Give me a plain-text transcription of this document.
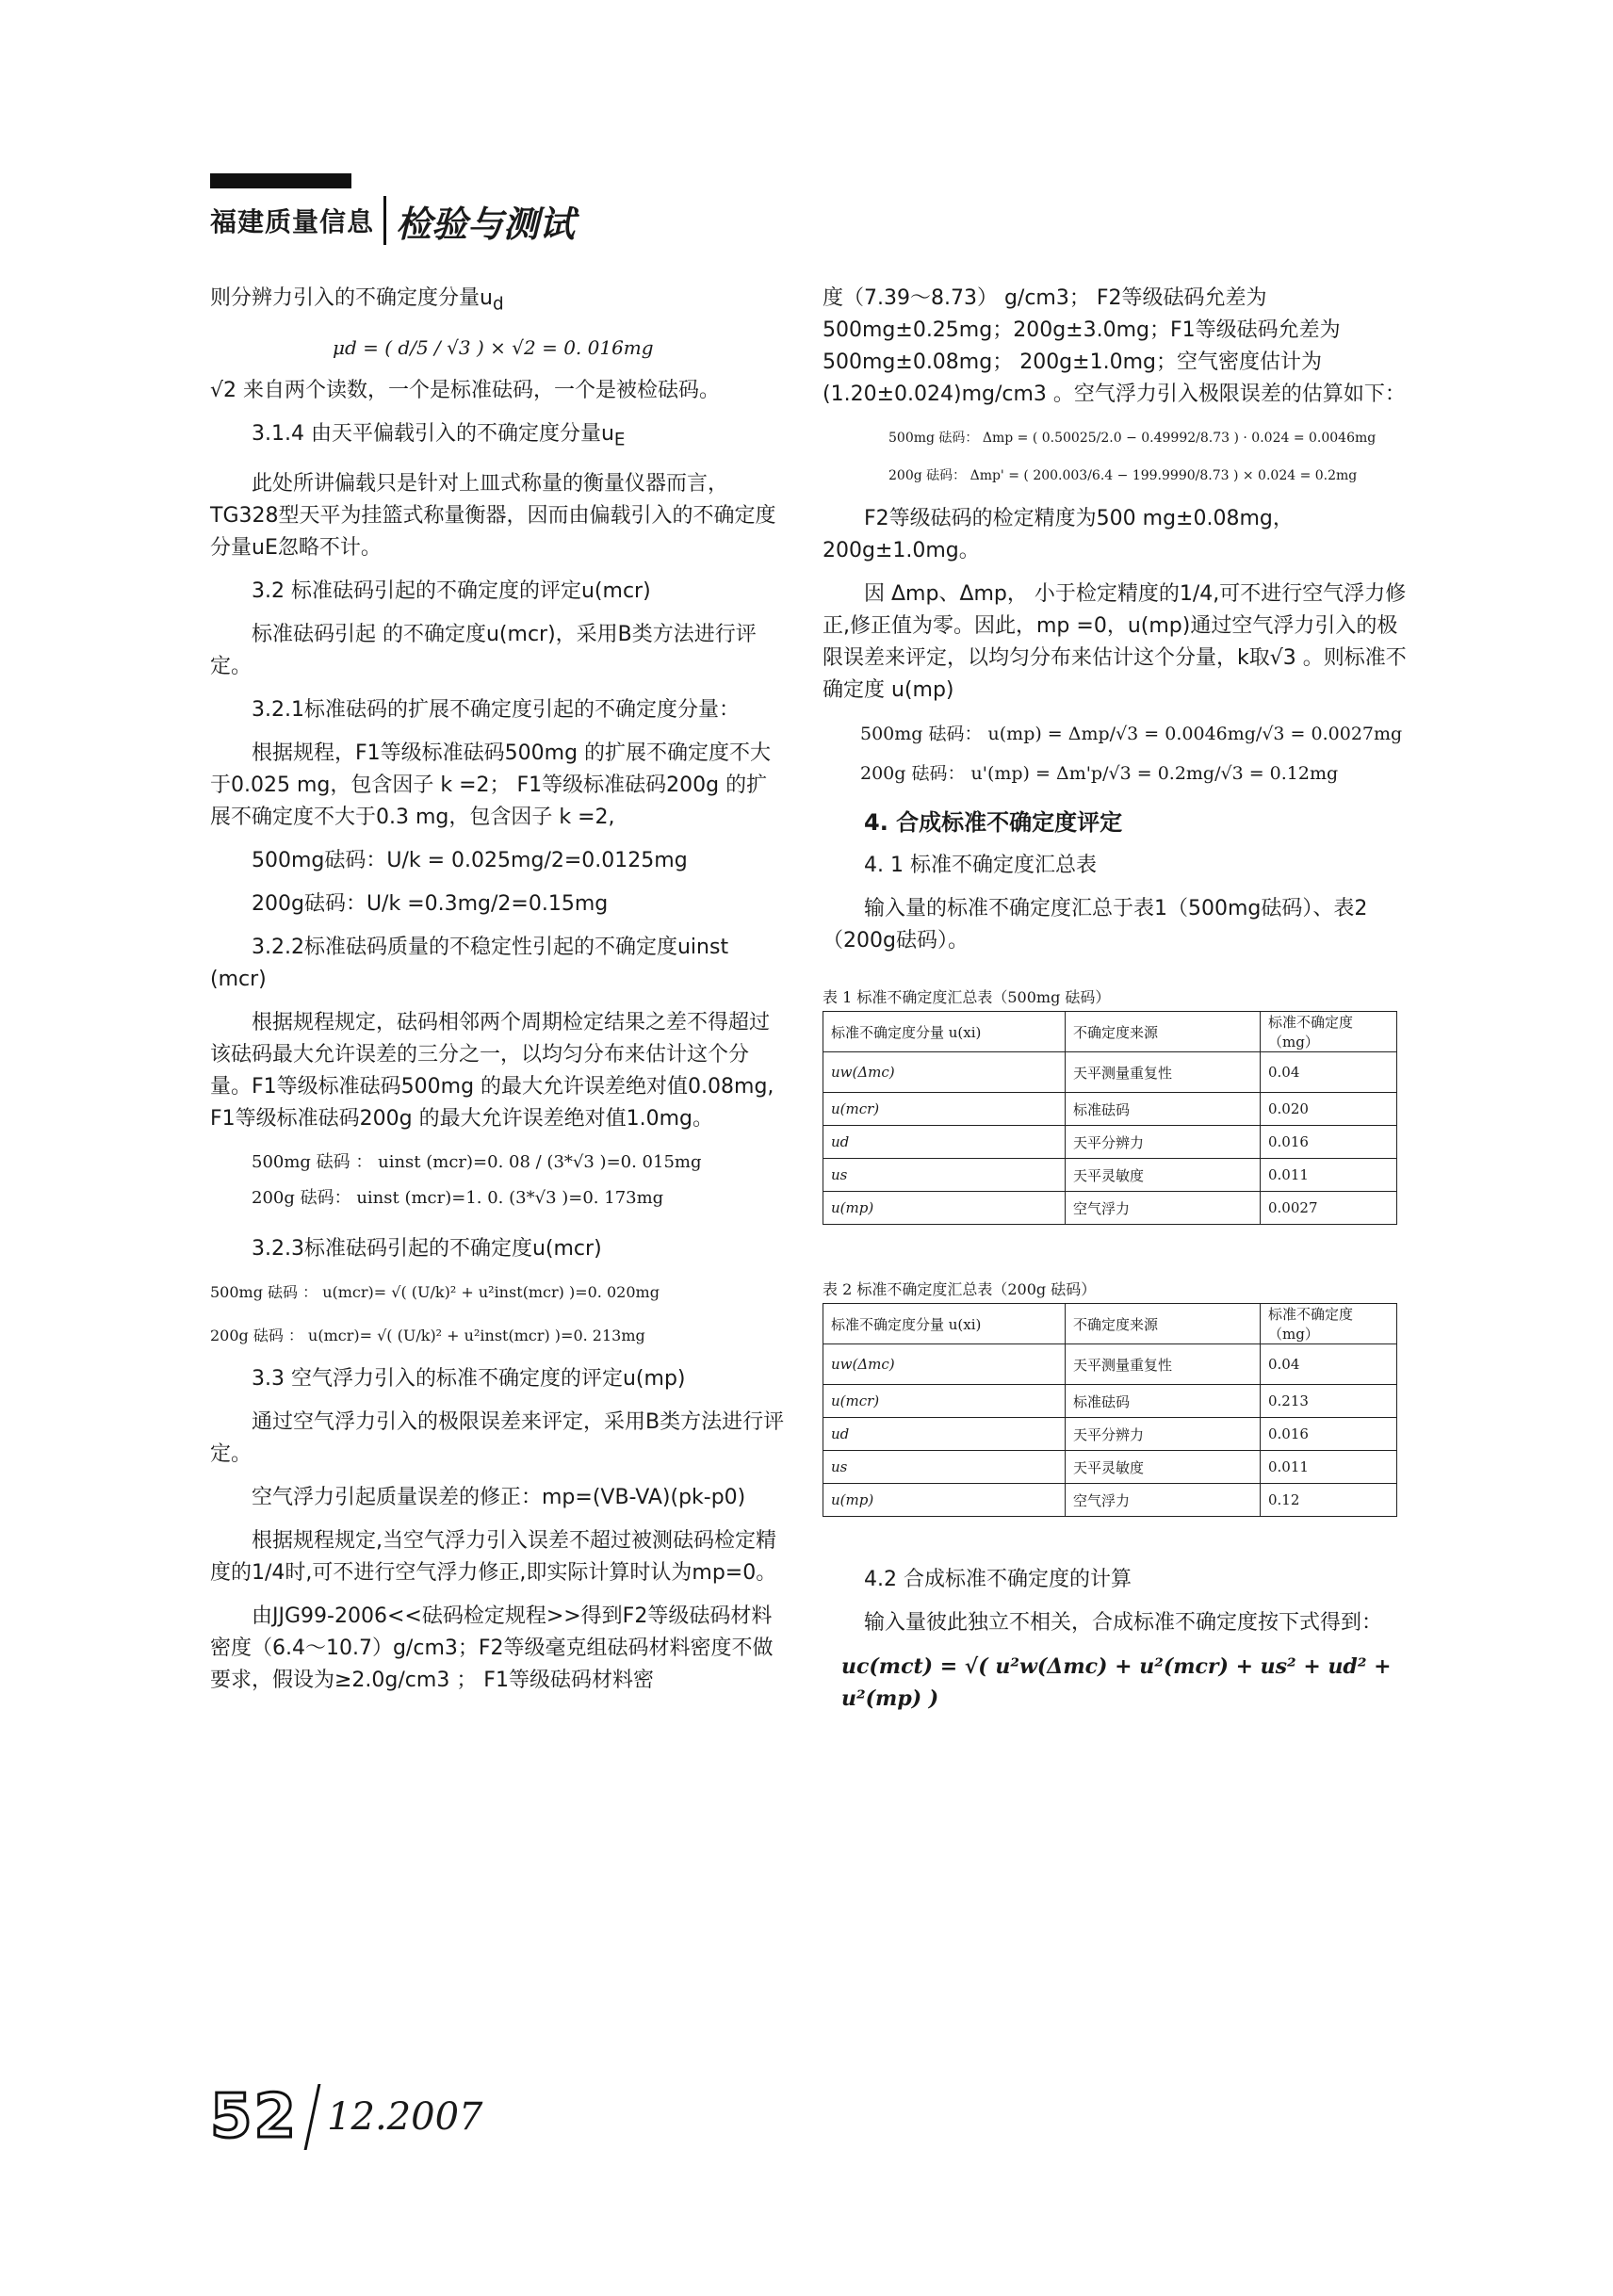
福建质量信息 检验与测试

则分辨力引入的不确定度分量$u_d$

μd = ( d/5 / √3 ) × √2 = 0. 016mg

√2 来自两个读数，一个是标准砝码，一个是被检砝码。

3.1.4 由天平偏载引入的不确定度分量$u_E$

此处所讲偏载只是针对上皿式称量的衡量仪器而言，TG328型天平为挂篮式称量衡器，因而由偏载引入的不确定度分量uE忽略不计。

3.2 标准砝码引起的不确定度的评定u(mcr)

标准砝码引起 的不确定度u(mcr)，采用B类方法进行评定。

3.2.1标准砝码的扩展不确定度引起的不确定度分量：

根据规程，F1等级标准砝码500mg 的扩展不确定度不大于0.025 mg，包含因子 k =2； F1等级标准砝码200g 的扩展不确定度不大于0.3 mg，包含因子 k =2,

500mg砝码：U/k = 0.025mg/2=0.0125mg

200g砝码：U/k =0.3mg/2=0.15mg

3.2.2标准砝码质量的不稳定性引起的不确定度uinst (mcr)

根据规程规定，砝码相邻两个周期检定结果之差不得超过该砝码最大允许误差的三分之一，以均匀分布来估计这个分量。F1等级标准砝码500mg 的最大允许误差绝对值0.08mg, F1等级标准砝码200g 的最大允许误差绝对值1.0mg。

500mg 砝码 ： uinst (mcr)=0. 08 / (3*√3 )=0. 015mg

200g 砝码： uinst (mcr)=1. 0. (3*√3 )=0. 173mg

3.2.3标准砝码引起的不确定度u(mcr)

500mg 砝码 ： u(mcr)= √( (U/k)² + u²inst(mcr) )=0. 020mg

200g 砝码 ： u(mcr)= √( (U/k)² + u²inst(mcr) )=0. 213mg

3.3 空气浮力引入的标准不确定度的评定u(mp)

通过空气浮力引入的极限误差来评定，采用B类方法进行评定。

空气浮力引起质量误差的修正：mp=(VB-VA)(pk-p0)

根据规程规定,当空气浮力引入误差不超过被测砝码检定精度的1/4时,可不进行空气浮力修正,即实际计算时认为mp=0。

由JJG99-2006<<砝码检定规程>>得到F2等级砝码材料密度（6.4～10.7）g/cm3；F2等级毫克组砝码材料密度不做要求，假设为≥2.0g/cm3 ； F1等级砝码材料密

度（7.39～8.73） g/cm3； F2等级砝码允差为500mg±0.25mg；200g±3.0mg；F1等级砝码允差为500mg±0.08mg； 200g±1.0mg；空气密度估计为(1.20±0.024)mg/cm3 。空气浮力引入极限误差的估算如下：

500mg 砝码： Δmp = ( 0.50025/2.0 − 0.49992/8.73 ) · 0.024 = 0.0046mg

200g 砝码： Δmp' = ( 200.003/6.4 − 199.9990/8.73 ) × 0.024 = 0.2mg

F2等级砝码的检定精度为500 mg±0.08mg，200g±1.0mg。

因 Δmp、Δmp， 小于检定精度的1/4,可不进行空气浮力修正,修正值为零。因此，mp =0，u(mp)通过空气浮力引入的极限误差来评定，以均匀分布来估计这个分量，k取√3 。则标准不确定度 u(mp)

500mg 砝码： u(mp) = Δmp/√3 = 0.0046mg/√3 = 0.0027mg

200g 砝码： u'(mp) = Δm'p/√3 = 0.2mg/√3 = 0.12mg

4. 合成标准不确定度评定

4. 1 标准不确定度汇总表

输入量的标准不确定度汇总于表1（500mg砝码）、表2（200g砝码）。

表 1 标准不确定度汇总表（500mg 砝码）
标准不确定度分量 u(xi)	不确定度来源	标准不确定度（mg）
uw(Δmc)	天平测量重复性	0.04
u(mcr)	标准砝码	0.020
ud	天平分辨力	0.016
us	天平灵敏度	0.011
u(mp)	空气浮力	0.0027
表 2 标准不确定度汇总表（200g 砝码）
标准不确定度分量 u(xi)	不确定度来源	标准不确定度（mg）
uw(Δmc)	天平测量重复性	0.04
u(mcr)	标准砝码	0.213
ud	天平分辨力	0.016
us	天平灵敏度	0.011
u(mp)	空气浮力	0.12

4.2 合成标准不确定度的计算

输入量彼此独立不相关，合成标准不确定度按下式得到：

uc(mct) = √( u²w(Δmc) + u²(mcr) + us² + ud² + u²(mp) )

52 12.2007
